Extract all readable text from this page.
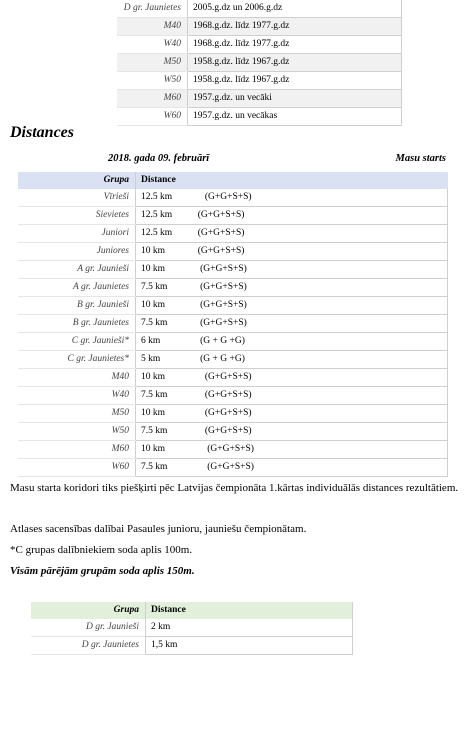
D gr. Jaunietes	2005.g.dz un 2006.g.dz
M40	1968.g.dz. līdz 1977.g.dz
W40	1968.g.dz. līdz 1977.g.dz
M50	1958.g.dz. līdz 1967.g.dz
W50	1958.g.dz. līdz 1967.g.dz
M60	1957.g.dz. un vecāki
W60	1957.g.dz. un vecākas
Distances
2018. gada 09. februārī	Masu starts
Grupa	Distance
Vīrieši	12.5 km     (G+G+S+S)
Sievietes	12.5 km  (G+G+S+S)
Juniori	12.5 km  (G+G+S+S)
Juniores	10 km (G+G+S+S)
A gr. Jaunieši	10 km (G+G+S+S)
A gr. Jaunietes	7.5 km (G+G+S+S)
B gr. Jaunieši	10 km (G+G+S+S)
B gr. Jaunietes	7.5 km (G+G+S+S)
C gr. Jaunieši*	6 km (G + G +G)
C gr. Jaunietes*	5 km (G + G +G)
M40	10 km (G+G+S+S)
W40	7.5 km (G+G+S+S)
M50	10 km (G+G+S+S)
W50	7.5 km (G+G+S+S)
M60	10 km (G+G+S+S)
W60	7.5 km (G+G+S+S)

Masu starta koridori tiks piešķirti pēc Latvijas čempionāta 1.kārtas individuālās distances rezultātiem.

Atlases sacensības dalībai Pasaules junioru, jauniešu čempionātam.

*C grupas dalībniekiem soda aplis 100m.

Visām pārējām grupām soda aplis 150m.

Grupa	Distance
D gr. Jaunieši	2 km
D gr. Jaunietes	1,5 km
